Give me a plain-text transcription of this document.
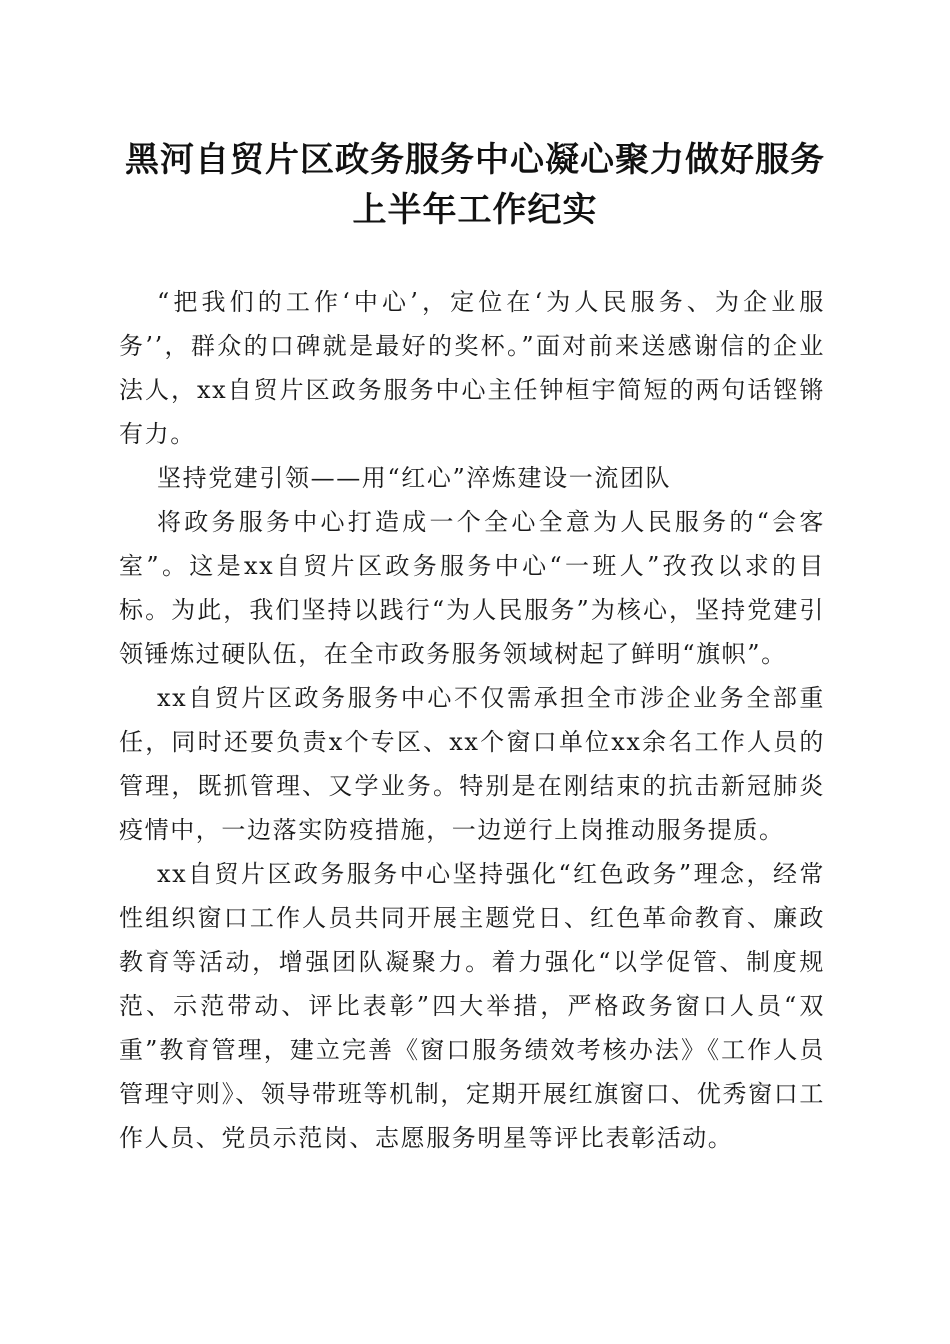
黑河自贸片区政务服务中心凝心聚力做好服务
上半年工作纪实

“把我们的工作‘中心’，定位在‘为人民服务、为企业服务’’，群众的口碑就是最好的奖杯。”面对前来送感谢信的企业法人，xx自贸片区政务服务中心主任钟桓宇简短的两句话铿锵有力。

坚持党建引领——用“红心”淬炼建设一流团队

将政务服务中心打造成一个全心全意为人民服务的“会客室”。这是xx自贸片区政务服务中心“一班人”孜孜以求的目标。为此，我们坚持以践行“为人民服务”为核心，坚持党建引领锤炼过硬队伍，在全市政务服务领域树起了鲜明“旗帜”。

xx自贸片区政务服务中心不仅需承担全市涉企业务全部重任，同时还要负责x个专区、xx个窗口单位xx余名工作人员的管理，既抓管理、又学业务。特别是在刚结束的抗击新冠肺炎疫情中，一边落实防疫措施，一边逆行上岗推动服务提质。

xx自贸片区政务服务中心坚持强化“红色政务”理念，经常性组织窗口工作人员共同开展主题党日、红色革命教育、廉政教育等活动，增强团队凝聚力。着力强化“以学促管、制度规范、示范带动、评比表彰”四大举措，严格政务窗口人员“双重”教育管理，建立完善《窗口服务绩效考核办法》《工作人员管理守则》、领导带班等机制，定期开展红旗窗口、优秀窗口工作人员、党员示范岗、志愿服务明星等评比表彰活动。
